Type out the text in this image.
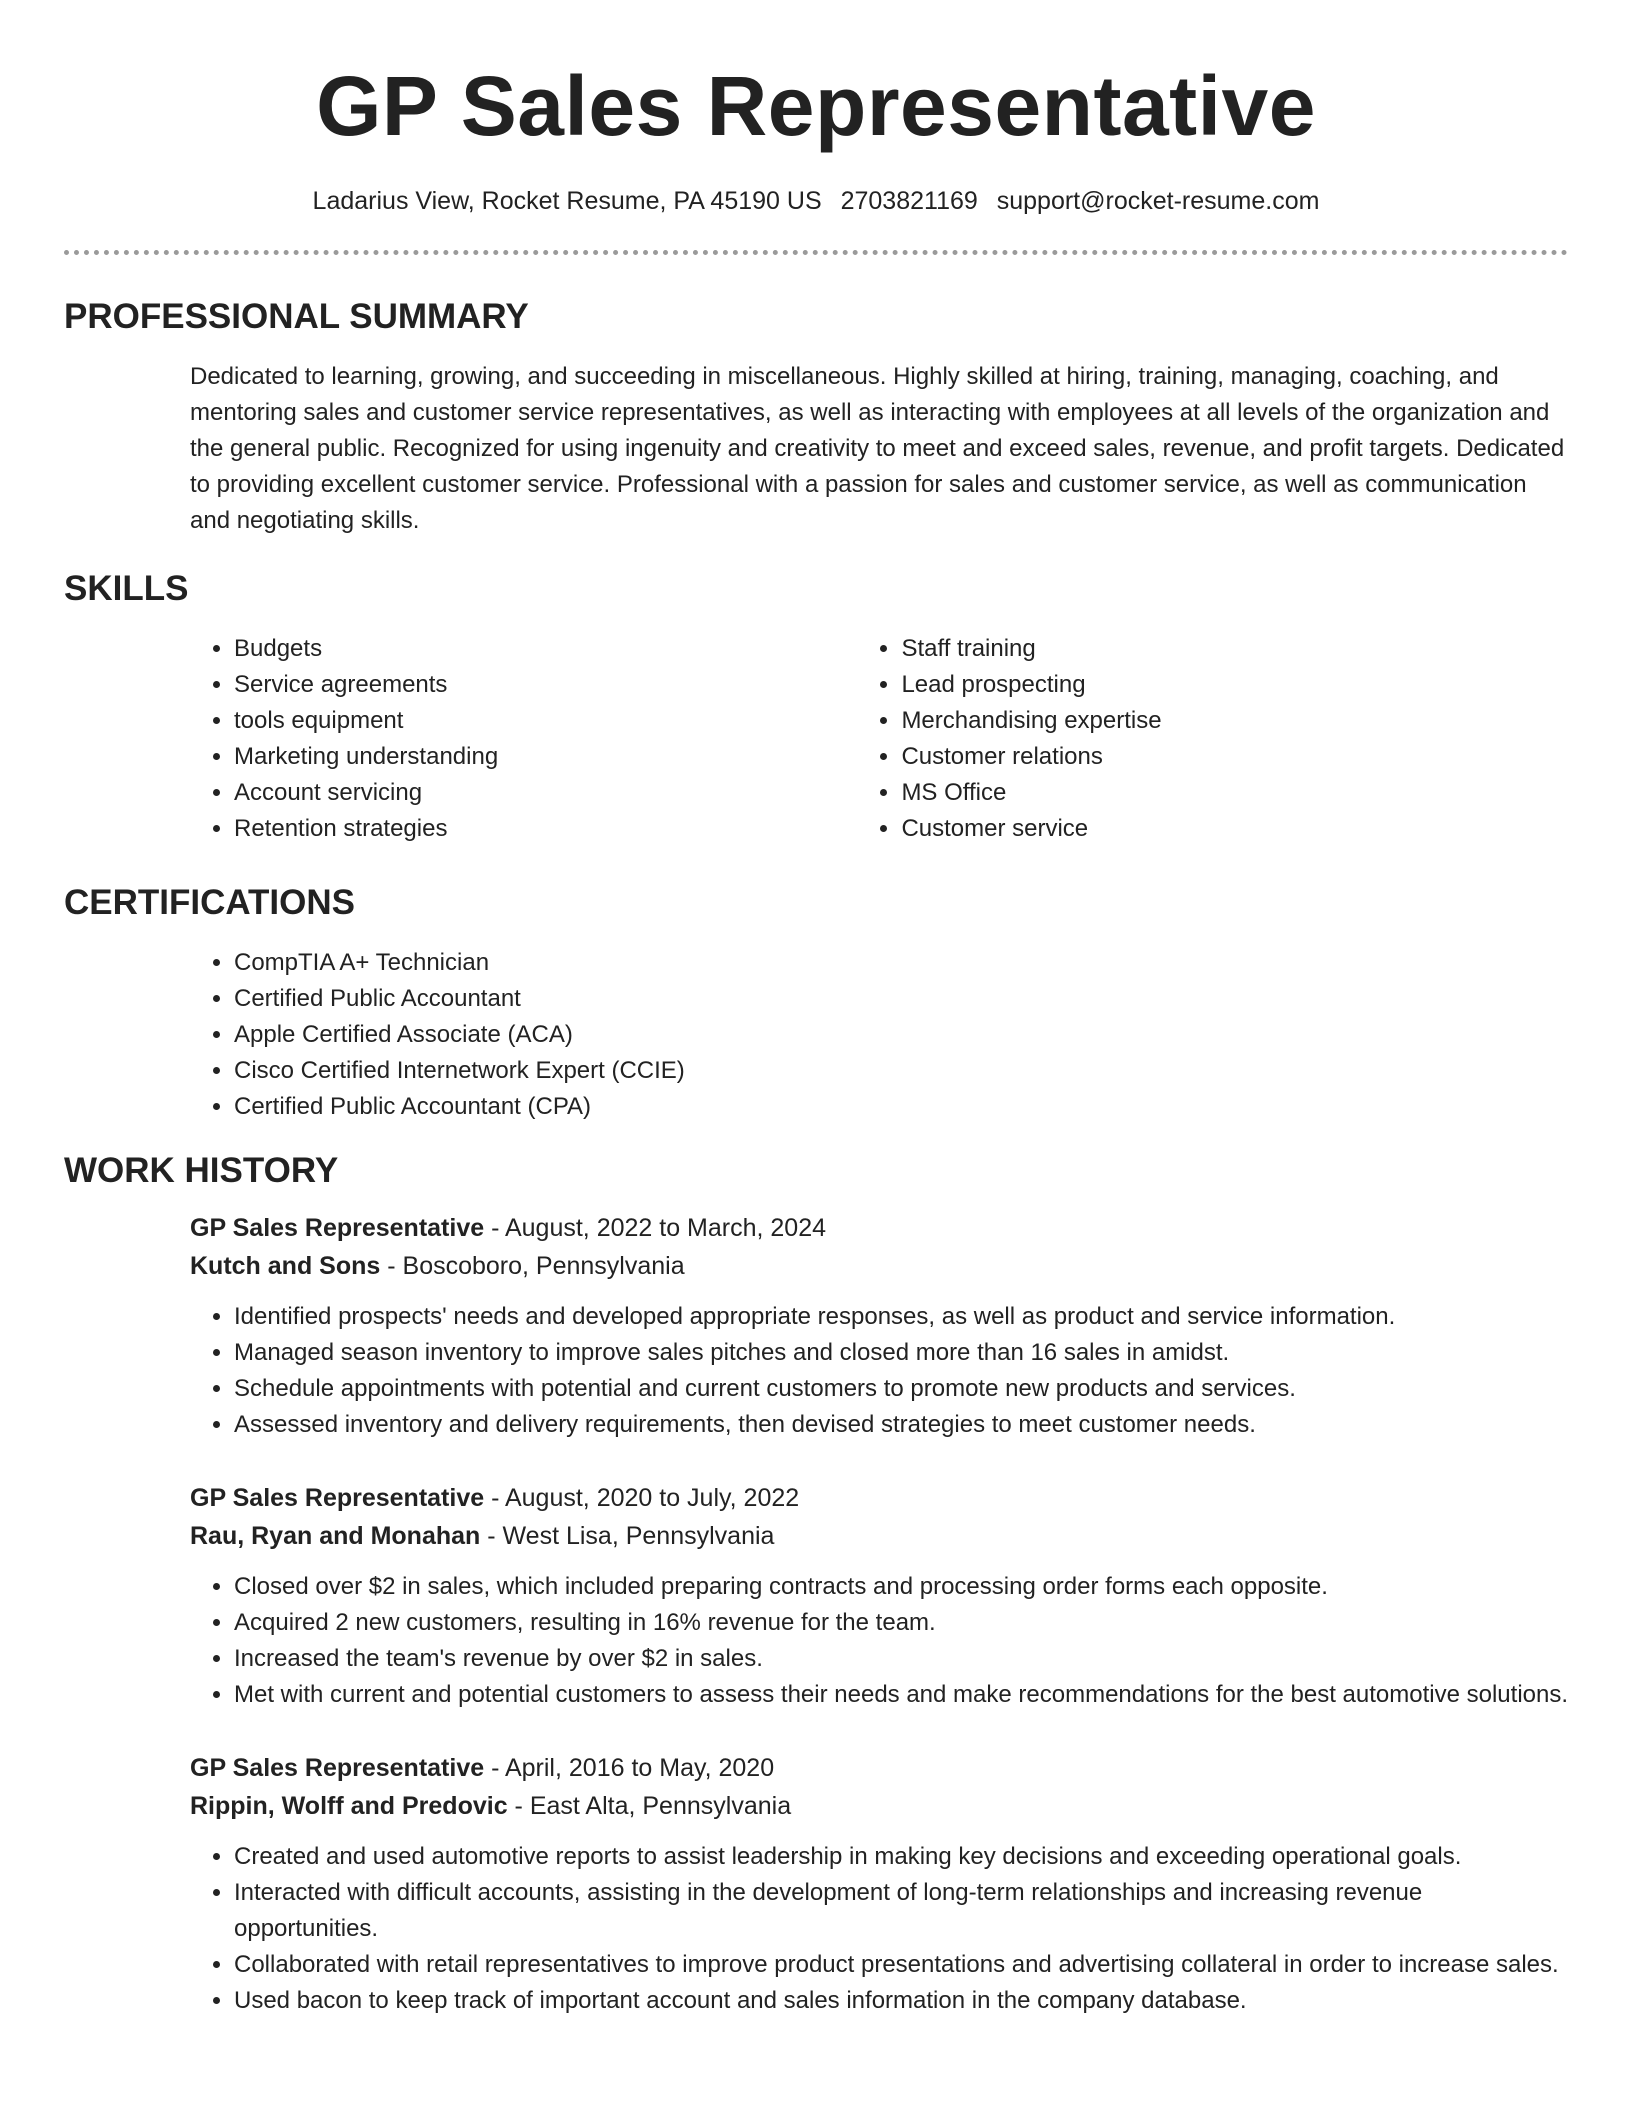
GP Sales Representative
Ladarius View, Rocket Resume, PA 45190 US 2703821169 support@rocket-resume.com
PROFESSIONAL SUMMARY
Dedicated to learning, growing, and succeeding in miscellaneous. Highly skilled at hiring, training, managing, coaching, and mentoring sales and customer service representatives, as well as interacting with employees at all levels of the organization and the general public. Recognized for using ingenuity and creativity to meet and exceed sales, revenue, and profit targets. Dedicated to providing excellent customer service. Professional with a passion for sales and customer service, as well as communication and negotiating skills.
SKILLS
• Budgets
• Service agreements
• tools equipment
• Marketing understanding
• Account servicing
• Retention strategies
• Staff training
• Lead prospecting
• Merchandising expertise
• Customer relations
• MS Office
• Customer service
CERTIFICATIONS
• CompTIA A+ Technician
• Certified Public Accountant
• Apple Certified Associate (ACA)
• Cisco Certified Internetwork Expert (CCIE)
• Certified Public Accountant (CPA)
WORK HISTORY

GP Sales Representative - August, 2022 to March, 2024

Kutch and Sons - Boscoboro, Pennsylvania

• Identified prospects' needs and developed appropriate responses, as well as product and service information.
• Managed season inventory to improve sales pitches and closed more than 16 sales in amidst.
• Schedule appointments with potential and current customers to promote new products and services.
• Assessed inventory and delivery requirements, then devised strategies to meet customer needs.

GP Sales Representative - August, 2020 to July, 2022

Rau, Ryan and Monahan - West Lisa, Pennsylvania

• Closed over $2 in sales, which included preparing contracts and processing order forms each opposite.
• Acquired 2 new customers, resulting in 16% revenue for the team.
• Increased the team's revenue by over $2 in sales.
• Met with current and potential customers to assess their needs and make recommendations for the best automotive solutions.

GP Sales Representative - April, 2016 to May, 2020

Rippin, Wolff and Predovic - East Alta, Pennsylvania

• Created and used automotive reports to assist leadership in making key decisions and exceeding operational goals.
• Interacted with difficult accounts, assisting in the development of long-term relationships and increasing revenue opportunities.
• Collaborated with retail representatives to improve product presentations and advertising collateral in order to increase sales.
• Used bacon to keep track of important account and sales information in the company database.
